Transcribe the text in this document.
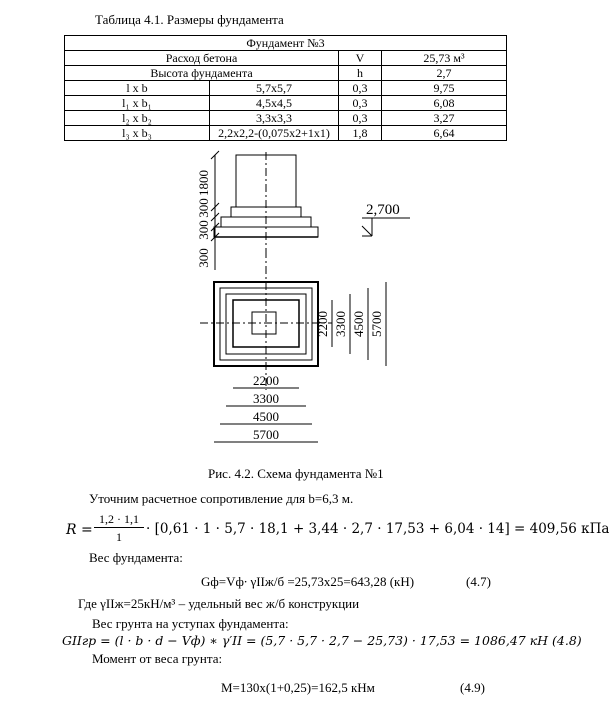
Таблица 4.1. Размеры фундамента
Фундамент №3			
Расход бетона		V	25,73 м³
Высота фундамента		h	2,7
l x b	5,7x5,7	0,3	9,75
l₁ x b₁	4,5x4,5	0,3	6,08
l₂ x b₂	3,3x3,3	0,3	3,27
l₃ x b₃	2,2x2,2-(0,075x2+1x1)	1,8	6,64
1800
300
300
300
2,700
2200 3300 4500 5700
2200
3300
4500
5700
Рис. 4.2. Схема фундамента №1
Уточним расчетное сопротивление для b=6,3 м.
R =
1,2 · 1,1
1	· [0,61 · 1 · 5,7 · 18,1 + 3,44 · 2,7 · 17,53 + 6,04 · 14] = 409,56 кПа
Вес фундамента:
Gф=Vф∙ γIIж/б =25,73x25=643,28 (кН)	(4.7)
Где γIIж=25кН/м³ – удельный вес ж/б конструкции
Вес грунта на уступах фундамента:
GIIгр = (l · b · d − Vф) ∗ γ′II = (5,7 · 5,7 · 2,7 − 25,73) · 17,53 = 1086,47 кН (4.8)
Момент от веса грунта:
M=130x(1+0,25)=162,5 кНм	(4.9)
